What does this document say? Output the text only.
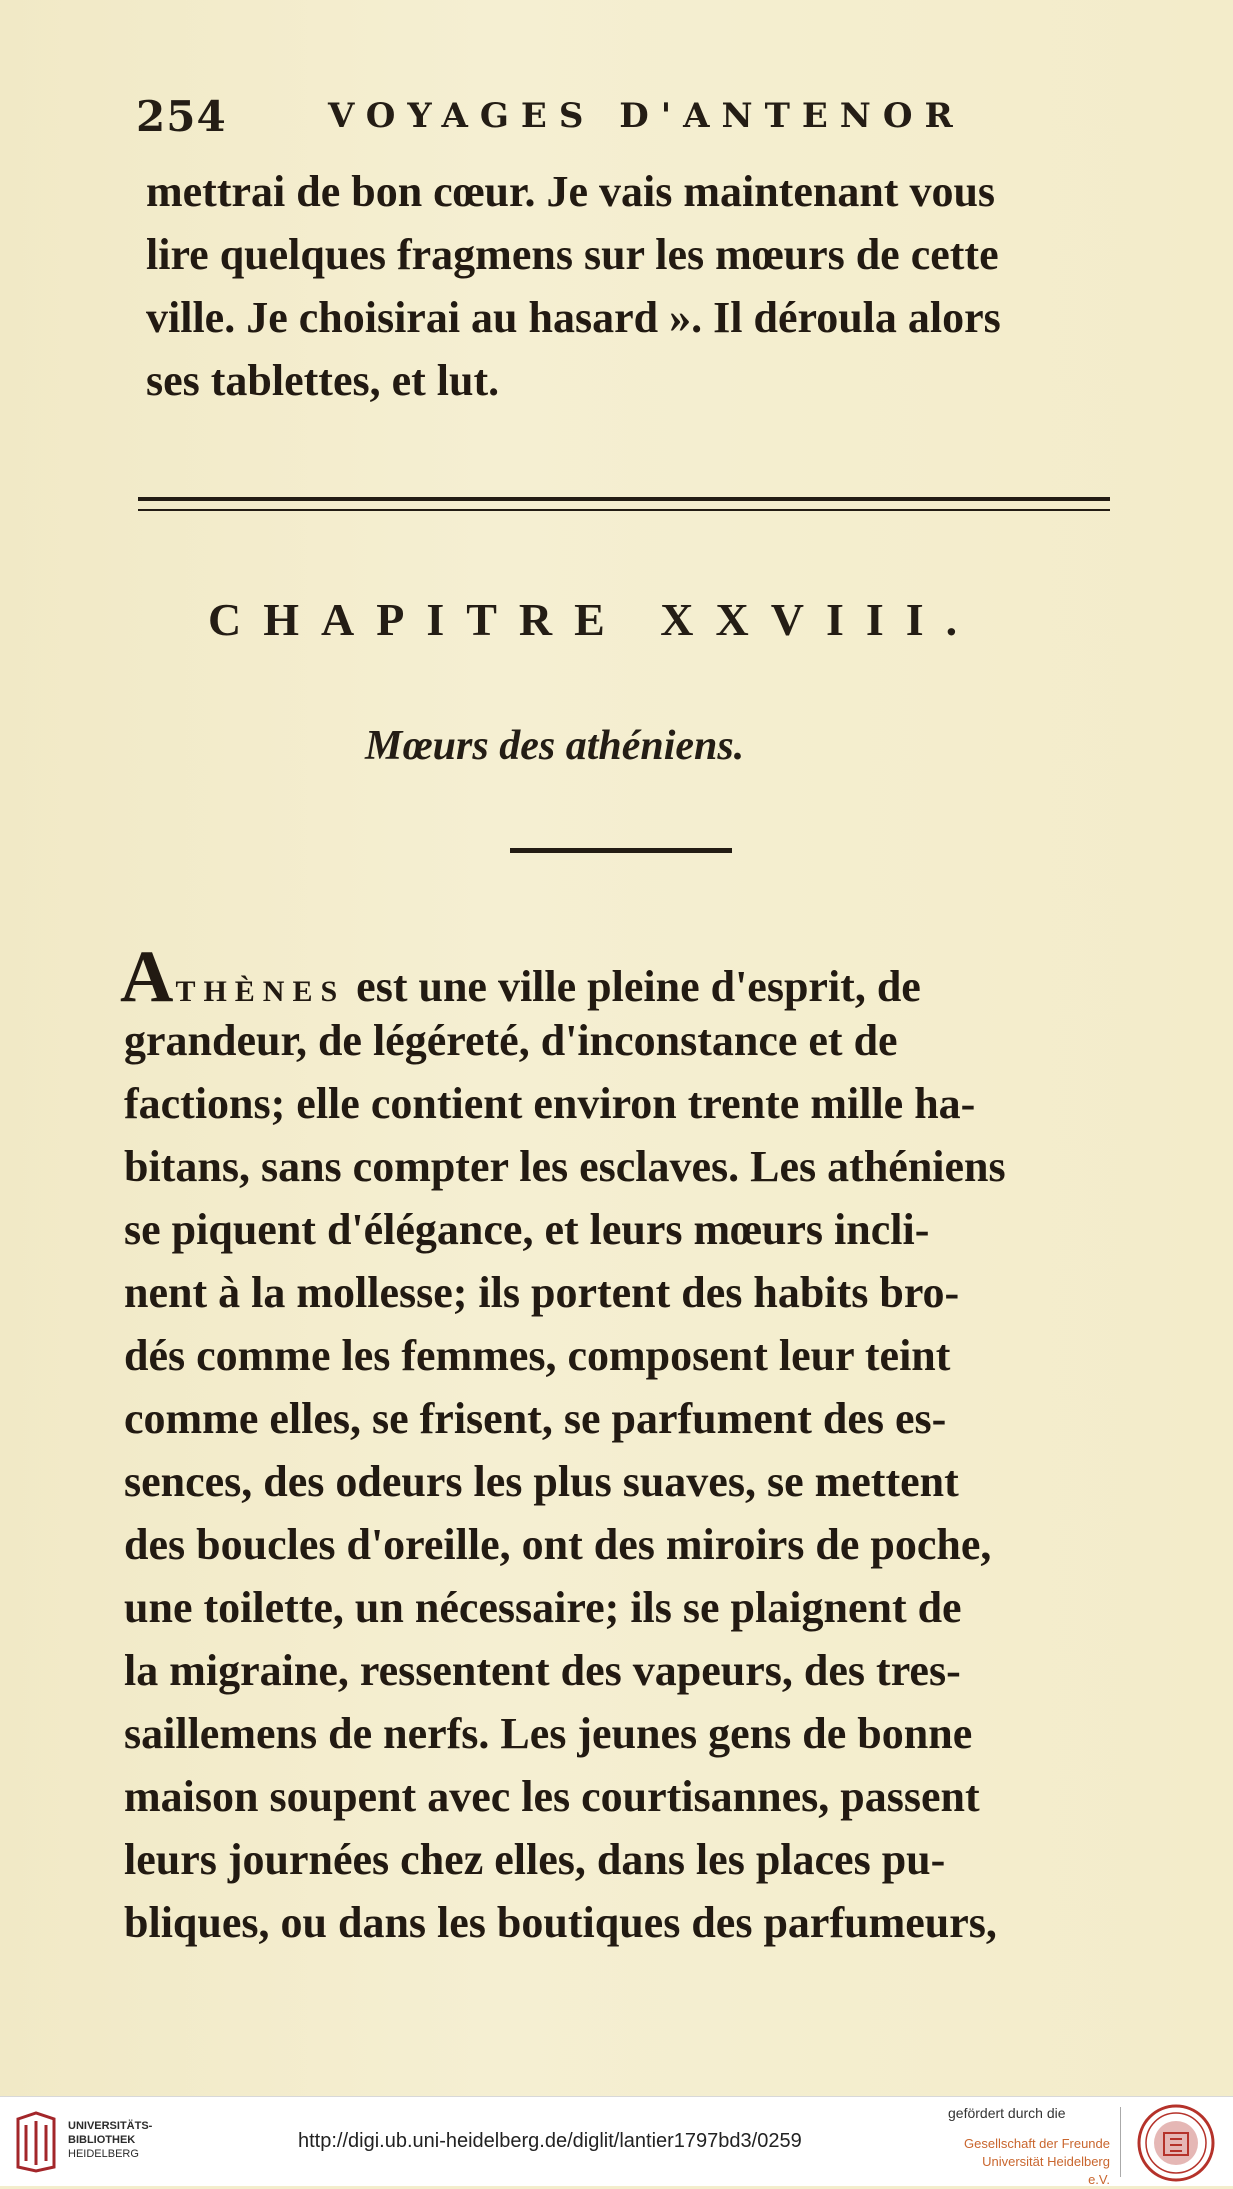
254	VOYAGES D'ANTENOR

mettrai de bon cœur. Je vais maintenant vous

lire quelques fragmens sur les mœurs de cette

ville. Je choisirai au hasard ». Il déroula alors

ses tablettes, et lut.

CHAPITRE XXVIII.
Mœurs des athéniens.

ATHÈNES est une ville pleine d'esprit, de

grandeur, de légéreté, d'inconstance et de

factions; elle contient environ trente mille ha-

bitans, sans compter les esclaves. Les athéniens

se piquent d'élégance, et leurs mœurs incli-

nent à la mollesse; ils portent des habits bro-

dés comme les femmes, composent leur teint

comme elles, se frisent, se parfument des es-

sences, des odeurs les plus suaves, se mettent

des boucles d'oreille, ont des miroirs de poche,

une toilette, un nécessaire; ils se plaignent de

la migraine, ressentent des vapeurs, des tres-

saillemens de nerfs. Les jeunes gens de bonne

maison soupent avec les courtisannes, passent

leurs journées chez elles, dans les places pu-

bliques, ou dans les boutiques des parfumeurs,

UNIVERSITÄTS-
BIBLIOTHEK
HEIDELBERG
http://digi.ub.uni-heidelberg.de/diglit/lantier1797bd3/0259
gefördert durch die
Gesellschaft der Freunde
Universität Heidelberg e.V.
